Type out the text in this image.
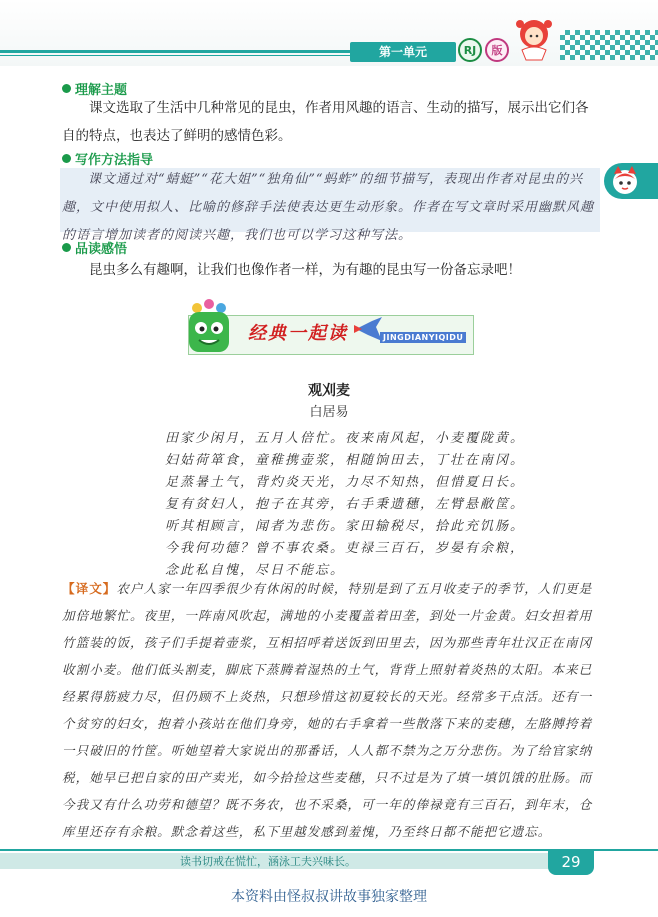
第一单元	RJ	版
理解主题

课文选取了生活中几种常见的昆虫，作者用风趣的语言、生动的描写，展示出它们各自的特点，也表达了鲜明的感情色彩。

写作方法指导

课文通过对“蜻蜓”“花大姐”“独角仙”“蚂蚱”的细节描写，表现出作者对昆虫的兴趣，文中使用拟人、比喻的修辞手法使表达更生动形象。作者在写文章时采用幽默风趣的语言增加读者的阅读兴趣，我们也可以学习这种写法。

品读感悟

昆虫多么有趣啊，让我们也像作者一样，为有趣的昆虫写一份备忘录吧！

经典一起读	JINGDIANYIQIDU
观刈麦
白居易
田家少闲月，五月人倍忙。夜来南风起，小麦覆陇黄。
妇姑荷箪食，童稚携壶浆，相随饷田去，丁壮在南冈。
足蒸暑土气，背灼炎天光，力尽不知热，但惜夏日长。
复有贫妇人，抱子在其旁，右手秉遗穗，左臂悬敝筐。
听其相顾言，闻者为悲伤。家田输税尽，拾此充饥肠。
今我何功德？曾不事农桑。吏禄三百石，岁晏有余粮，
念此私自愧，尽日不能忘。

【译文】农户人家一年四季很少有休闲的时候，特别是到了五月收麦子的季节，人们更是加倍地繁忙。夜里，一阵南风吹起，满地的小麦覆盖着田垄，到处一片金黄。妇女担着用竹篮装的饭，孩子们手提着壶浆，互相招呼着送饭到田里去，因为那些青年壮汉正在南冈收割小麦。他们低头割麦，脚底下蒸腾着湿热的土气，背背上照射着炎热的太阳。本来已经累得筋疲力尽，但仍顾不上炎热，只想珍惜这初夏较长的天光。经常多干点活。还有一个贫穷的妇女，抱着小孩站在他们身旁，她的右手拿着一些散落下来的麦穗，左胳膊挎着一只破旧的竹筐。听她望着大家说出的那番话，人人都不禁为之万分悲伤。为了给官家纳税，她早已把自家的田产卖光，如今拾捡这些麦穗，只不过是为了填一填饥饿的肚肠。而今我又有什么功劳和德望？既不务农，也不采桑，可一年的俸禄竟有三百石，到年末，仓库里还存有余粮。默念着这些，私下里越发感到羞愧，乃至终日都不能把它遗忘。

读书切戒在慌忙，涵泳工夫兴味长。	29
本资料由怪叔叔讲故事独家整理
